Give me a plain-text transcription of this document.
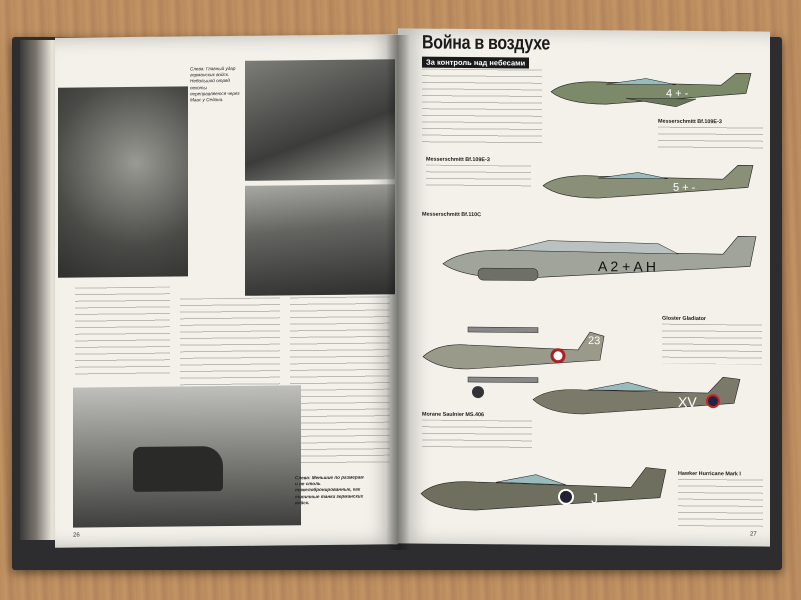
Слева: Главный удар германских войск. Небольшой отряд пехоты переправляется через Маас у Седана.
Слева: Меньшие по размерам и не столь тяжелобронированные, как типичные танки германских войск.
26
Война в воздухе
За контроль над небесами
4 + -
Messerschmitt Bf.109E-3
5 + -
Messerschmitt Bf.109E-3
A 2 + A H
Messerschmitt Bf.110C
23
Gloster Gladiator
XV
Morane Saulnier MS.406
J
Hawker Hurricane Mark I
27
